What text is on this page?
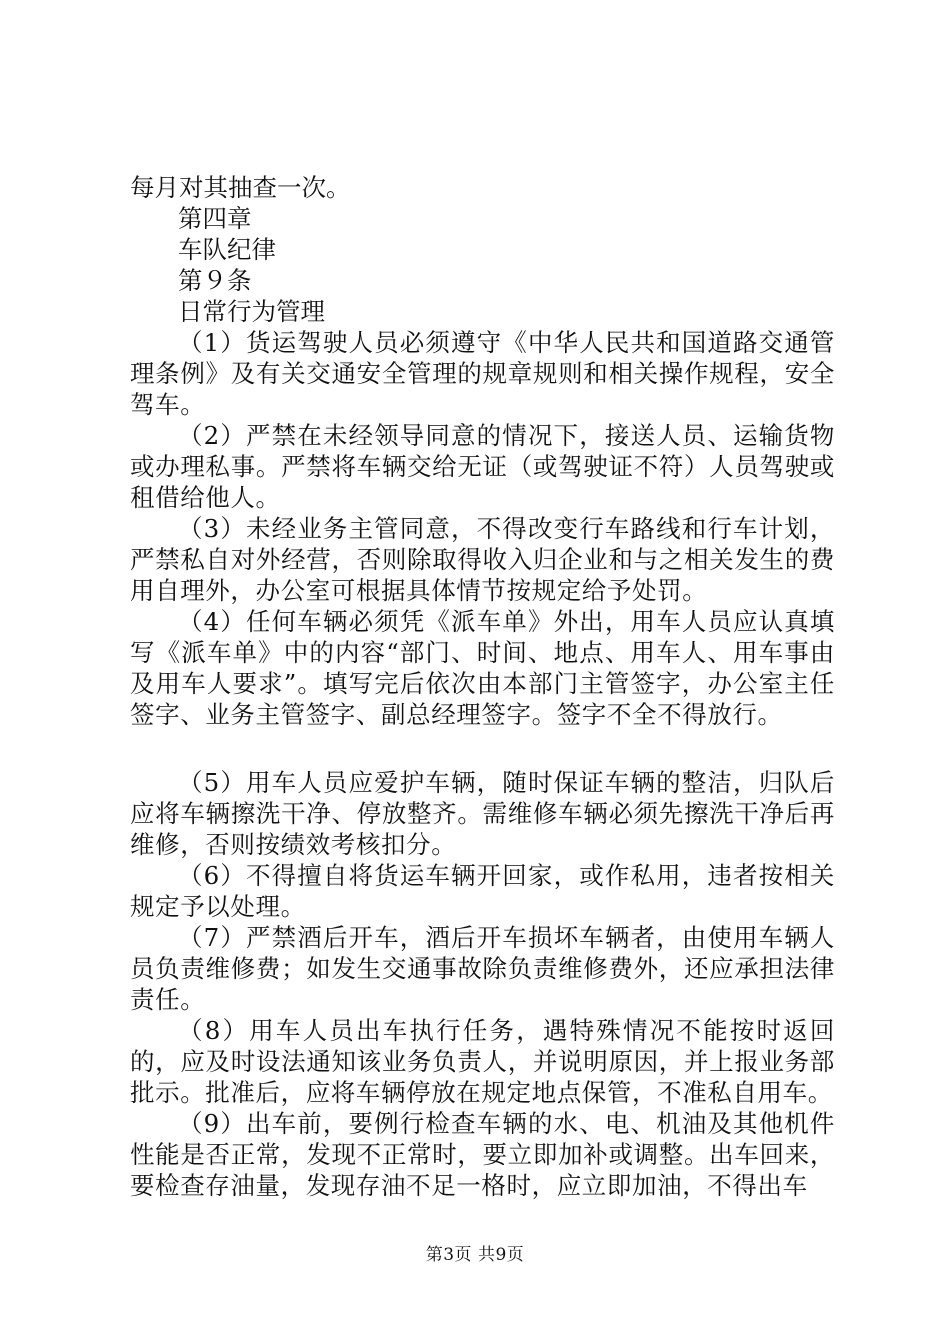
每月对其抽查一次。

第四章

车队纪律

第９条

日常行为管理

（1）货运驾驶人员必须遵守《中华人民共和国道路交通管理条例》及有关交通安全管理的规章规则和相关操作规程，安全驾车。

（2）严禁在未经领导同意的情况下，接送人员、运输货物或办理私事。严禁将车辆交给无证（或驾驶证不符）人员驾驶或租借给他人。

（3）未经业务主管同意，不得改变行车路线和行车计划，严禁私自对外经营，否则除取得收入归企业和与之相关发生的费用自理外，办公室可根据具体情节按规定给予处罚。

（4）任何车辆必须凭《派车单》外出，用车人员应认真填写《派车单》中的内容“部门、时间、地点、用车人、用车事由及用车人要求”。填写完后依次由本部门主管签字，办公室主任签字、业务主管签字、副总经理签字。签字不全不得放行。

（5）用车人员应爱护车辆，随时保证车辆的整洁，归队后应将车辆擦洗干净、停放整齐。需维修车辆必须先擦洗干净后再维修，否则按绩效考核扣分。

（6）不得擅自将货运车辆开回家，或作私用，违者按相关规定予以处理。

（7）严禁酒后开车，酒后开车损坏车辆者，由使用车辆人员负责维修费；如发生交通事故除负责维修费外，还应承担法律责任。

（8）用车人员出车执行任务，遇特殊情况不能按时返回的，应及时设法通知该业务负责人，并说明原因，并上报业务部批示。批准后，应将车辆停放在规定地点保管，不准私自用车。

（9）出车前，要例行检查车辆的水、电、机油及其他机件性能是否正常，发现不正常时，要立即加补或调整。出车回来，要检查存油量，发现存油不足一格时，应立即加油，不得出车

第3页 共9页
